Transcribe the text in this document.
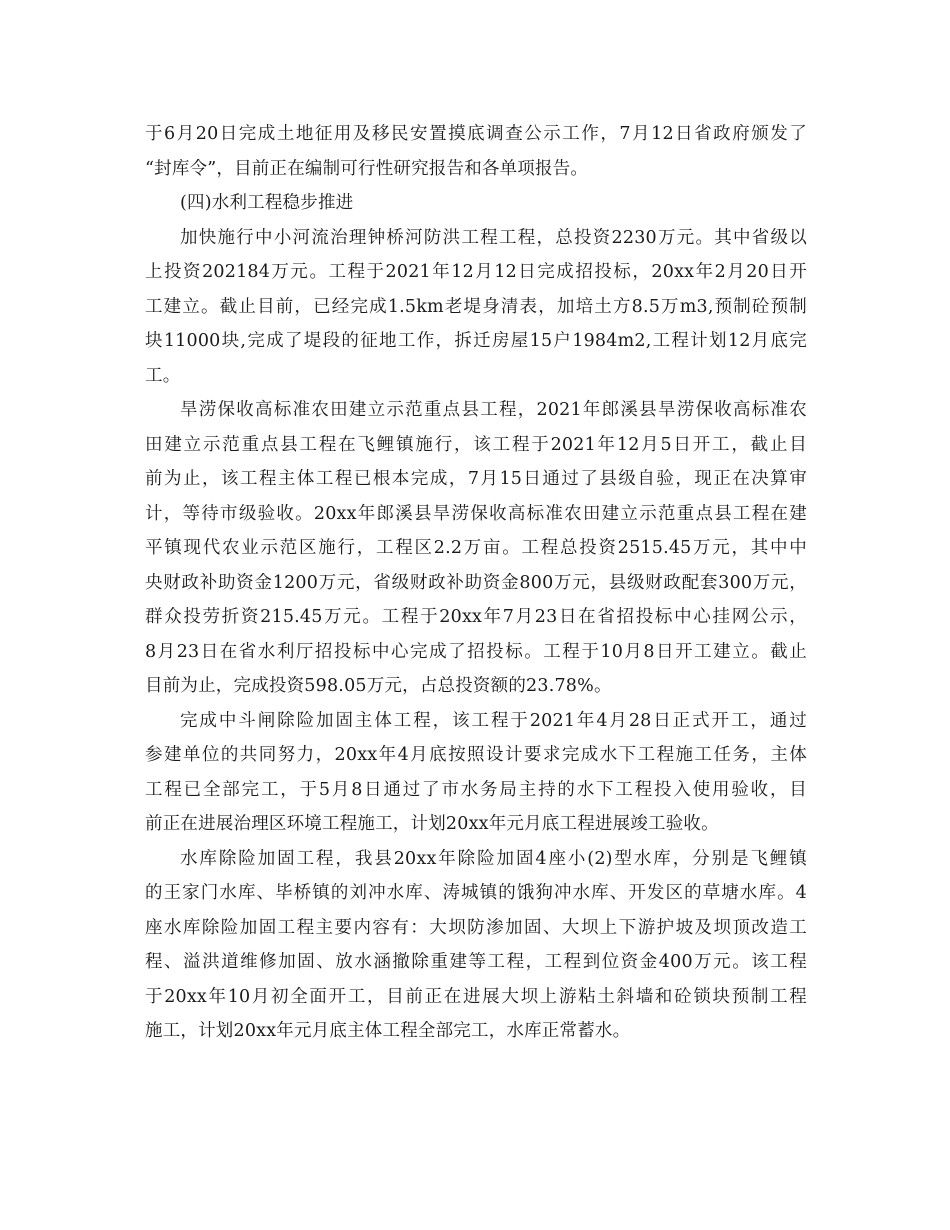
于6月20日完成土地征用及移民安置摸底调查公示工作，7月12日省政府颁发了
“封库令”，目前正在编制可行性研究报告和各单项报告。
(四)水利工程稳步推进
加快施行中小河流治理钟桥河防洪工程工程，总投资2230万元。其中省级以
上投资202184万元。工程于2021年12月12日完成招投标，20xx年2月20日开
工建立。截止目前，已经完成1.5km老堤身清表，加培土方8.5万m3,预制砼预制
块11000块,完成了堤段的征地工作，拆迁房屋15户1984m2,工程计划12月底完
工。
旱涝保收高标准农田建立示范重点县工程，2021年郎溪县旱涝保收高标准农
田建立示范重点县工程在飞鲤镇施行，该工程于2021年12月5日开工，截止目
前为止，该工程主体工程已根本完成，7月15日通过了县级自验，现正在决算审
计，等待市级验收。20xx年郎溪县旱涝保收高标准农田建立示范重点县工程在建
平镇现代农业示范区施行，工程区2.2万亩。工程总投资2515.45万元，其中中
央财政补助资金1200万元，省级财政补助资金800万元，县级财政配套300万元，
群众投劳折资215.45万元。工程于20xx年7月23日在省招投标中心挂网公示，
8月23日在省水利厅招投标中心完成了招投标。工程于10月8日开工建立。截止
目前为止，完成投资598.05万元，占总投资额的23.78%。
完成中斗闸除险加固主体工程，该工程于2021年4月28日正式开工，通过
参建单位的共同努力，20xx年4月底按照设计要求完成水下工程施工任务，主体
工程已全部完工，于5月8日通过了市水务局主持的水下工程投入使用验收，目
前正在进展治理区环境工程施工，计划20xx年元月底工程进展竣工验收。
水库除险加固工程，我县20xx年除险加固4座小(2)型水库，分别是飞鲤镇
的王家门水库、毕桥镇的刘冲水库、涛城镇的饿狗冲水库、开发区的草塘水库。4
座水库除险加固工程主要内容有：大坝防渗加固、大坝上下游护坡及坝顶改造工
程、溢洪道维修加固、放水涵撤除重建等工程，工程到位资金400万元。该工程
于20xx年10月初全面开工，目前正在进展大坝上游粘土斜墙和砼锁块预制工程
施工，计划20xx年元月底主体工程全部完工，水库正常蓄水。
